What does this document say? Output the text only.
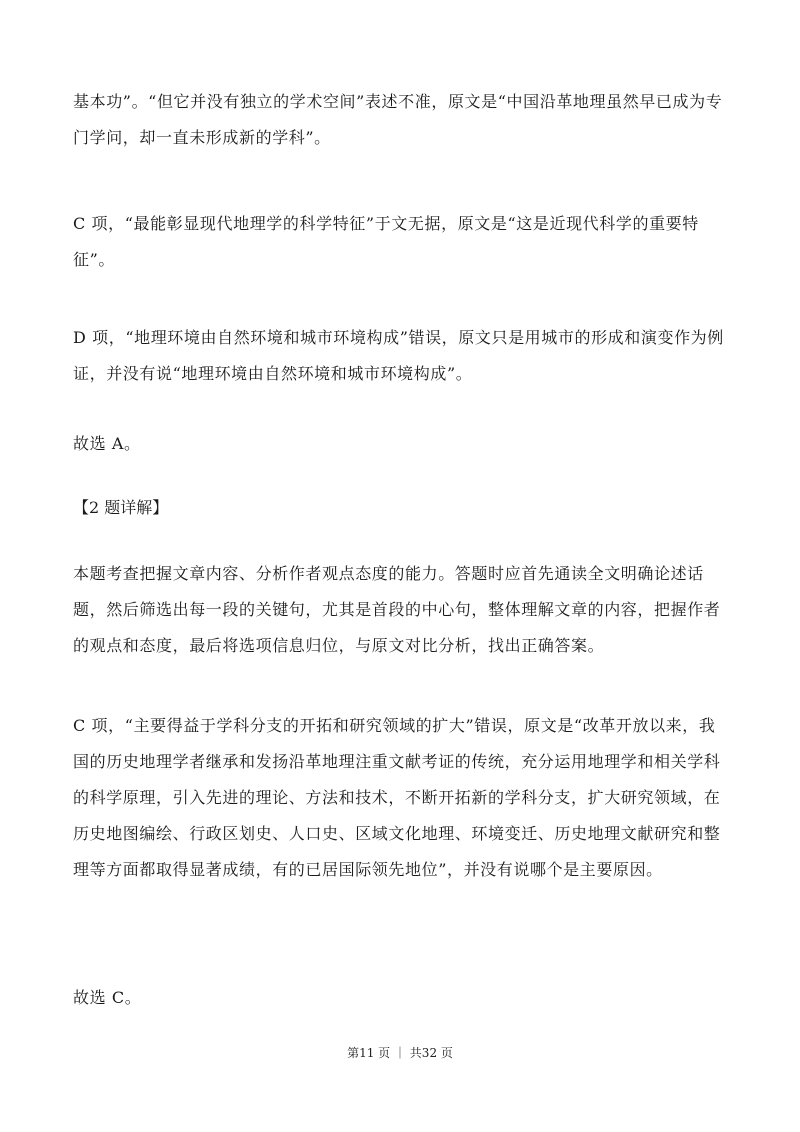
基本功”。“但它并没有独立的学术空间”表述不准，原文是“中国沿革地理虽然早已成为专门学问，却一直未形成新的学科”。

C 项，“最能彰显现代地理学的科学特征”于文无据，原文是“这是近现代科学的重要特征”。

D 项，“地理环境由自然环境和城市环境构成”错误，原文只是用城市的形成和演变作为例证，并没有说“地理环境由自然环境和城市环境构成”。

故选 A。

【2 题详解】

本题考查把握文章内容、分析作者观点态度的能力。答题时应首先通读全文明确论述话题，然后筛选出每一段的关键句，尤其是首段的中心句，整体理解文章的内容，把握作者的观点和态度，最后将选项信息归位，与原文对比分析，找出正确答案。

C 项，“主要得益于学科分支的开拓和研究领域的扩大”错误，原文是“改革开放以来，我国的历史地理学者继承和发扬沿革地理注重文献考证的传统，充分运用地理学和相关学科的科学原理，引入先进的理论、方法和技术，不断开拓新的学科分支，扩大研究领域，在历史地图编绘、行政区划史、人口史、区域文化地理、环境变迁、历史地理文献研究和整理等方面都取得显著成绩，有的已居国际领先地位”，并没有说哪个是主要原因。

故选 C。

第11 页 ｜ 共32 页
